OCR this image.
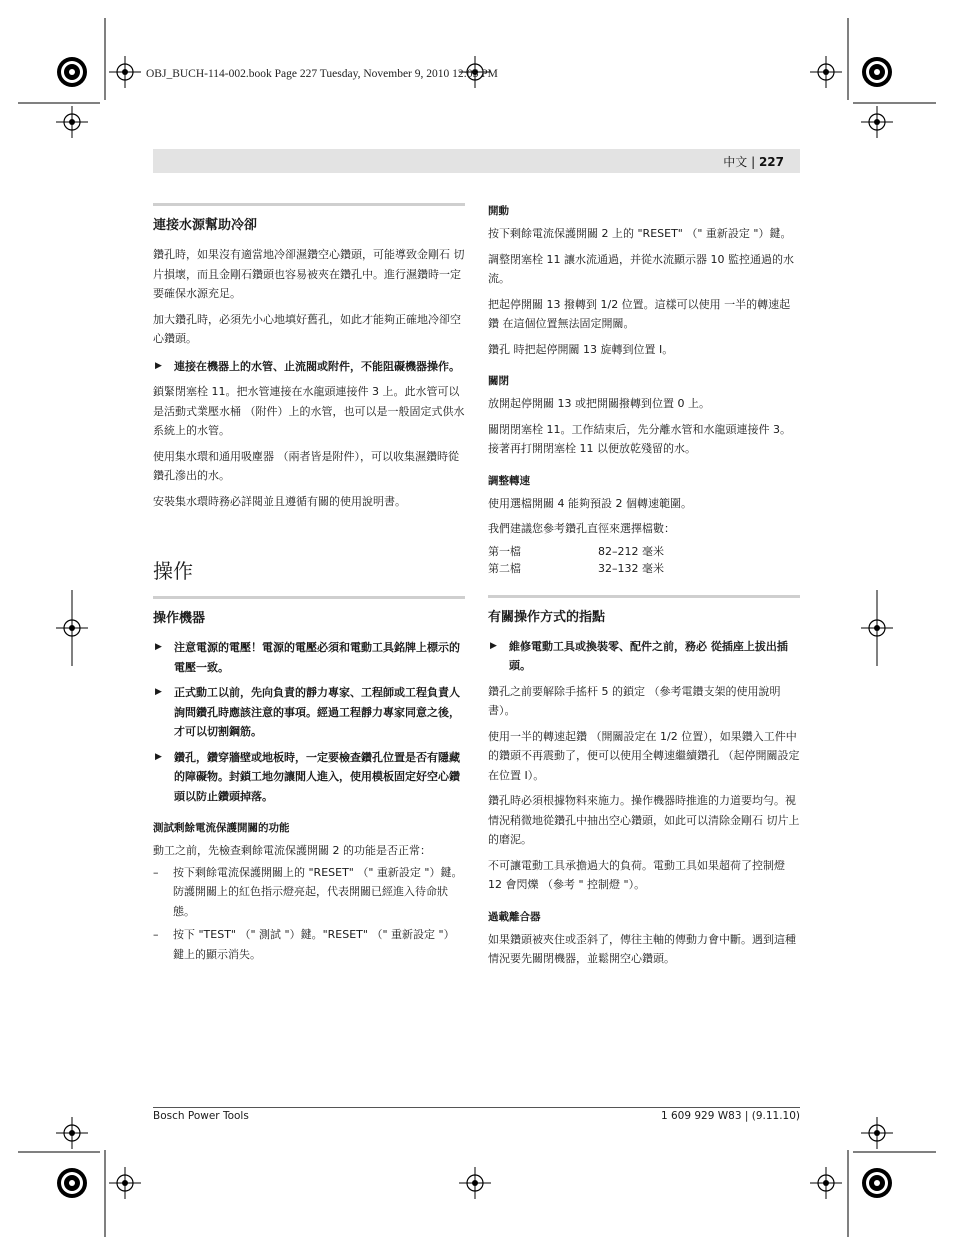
OBJ_BUCH-114-002.book Page 227 Tuesday, November 9, 2010 12:05 PM
中文 | 227
連接水源幫助冷卻

鑽孔時，如果沒有適當地冷卻濕鑽空心鑽頭，可能導致金剛石 切片損壞，而且金剛石鑽頭也容易被夾在鑽孔中。進行濕鑽時一定要確保水源充足。

加大鑽孔時，必須先小心地填好舊孔，如此才能夠正確地冷卻空心鑽頭。

▶ 連接在機器上的水管、止流閥或附件，不能阻礙機器操作。

鎖緊閉塞栓 11。把水管連接在水龍頭連接件 3 上。此水管可以是活動式業壓水桶 （附件）上的水管，也可以是一般固定式供水系統上的水管。

使用集水環和通用吸塵器 （兩者皆是附件），可以收集濕鑽時從鑽孔滲出的水。

安裝集水環時務必詳閱並且遵循有關的使用說明書。

操作
操作機器
▶ 注意電源的電壓！電源的電壓必須和電動工具銘牌上標示的電壓一致。
▶ 正式動工以前，先向負責的靜力專家、工程師或工程負責人詢問鑽孔時應該注意的事項。經過工程靜力專家同意之後，才可以切割鋼筋。
▶ 鑽孔，鑽穿牆壁或地板時，一定要檢查鑽孔位置是否有隱藏的障礙物。封鎖工地勿讓閒人進入，使用模板固定好空心鑽頭以防止鑽頭掉落。
測試剩餘電流保護開關的功能

動工之前，先檢查剩餘電流保護開關 2 的功能是否正常：

– 按下剩餘電流保護開關上的 "RESET" （" 重新設定 "）鍵。防護開關上的紅色指示燈亮起，代表開關已經進入待命狀態。
– 按下 "TEST" （" 測試 "）鍵。"RESET" （" 重新設定 "）鍵上的顯示消失。
開動

按下剩餘電流保護開關 2 上的 "RESET" （" 重新設定 "）鍵。

調整閉塞栓 11 讓水流通過，并從水流顯示器 10 監控通過的水流。

把起停開關 13 撥轉到 1/2 位置。這樣可以使用 一半的轉速起鑽 在這個位置無法固定開關。

鑽孔 時把起停開關 13 旋轉到位置 I。

關閉

放開起停開關 13 或把開關撥轉到位置 0 上。

關閉閉塞栓 11。工作結束后，先分離水管和水龍頭連接件 3。接著再打開閉塞栓 11 以便放乾殘留的水。

調整轉速

使用選檔開關 4 能夠預設 2 個轉速範圍。

我們建議您參考鑽孔直徑來選擇檔數：

第一檔	82–212 毫米
第二檔	32–132 毫米
有關操作方式的指點
▶ 維修電動工具或換裝零、配件之前，務必 從插座上拔出插頭。

鑽孔之前要解除手搖杆 5 的鎖定 （參考電鑽支架的使用說明書）。

使用一半的轉速起鑽 （開關設定在 1/2 位置），如果鑽入工件中的鑽頭不再震動了，便可以使用全轉速繼續鑽孔 （起停開關設定在位置 I）。

鑽孔時必須根據物料來施力。操作機器時推進的力道要均勻。視情況稍微地從鑽孔中抽出空心鑽頭，如此可以清除金剛石 切片上的磨泥。

不可讓電動工具承擔過大的負荷。電動工具如果超荷了控制燈 12 會閃爍 （參考 " 控制燈 "）。

過載離合器

如果鑽頭被夾住或歪斜了，傳往主軸的傳動力會中斷。遇到這種情況要先關閉機器，並鬆開空心鑽頭。

Bosch Power Tools	1 609 929 W83 | (9.11.10)
